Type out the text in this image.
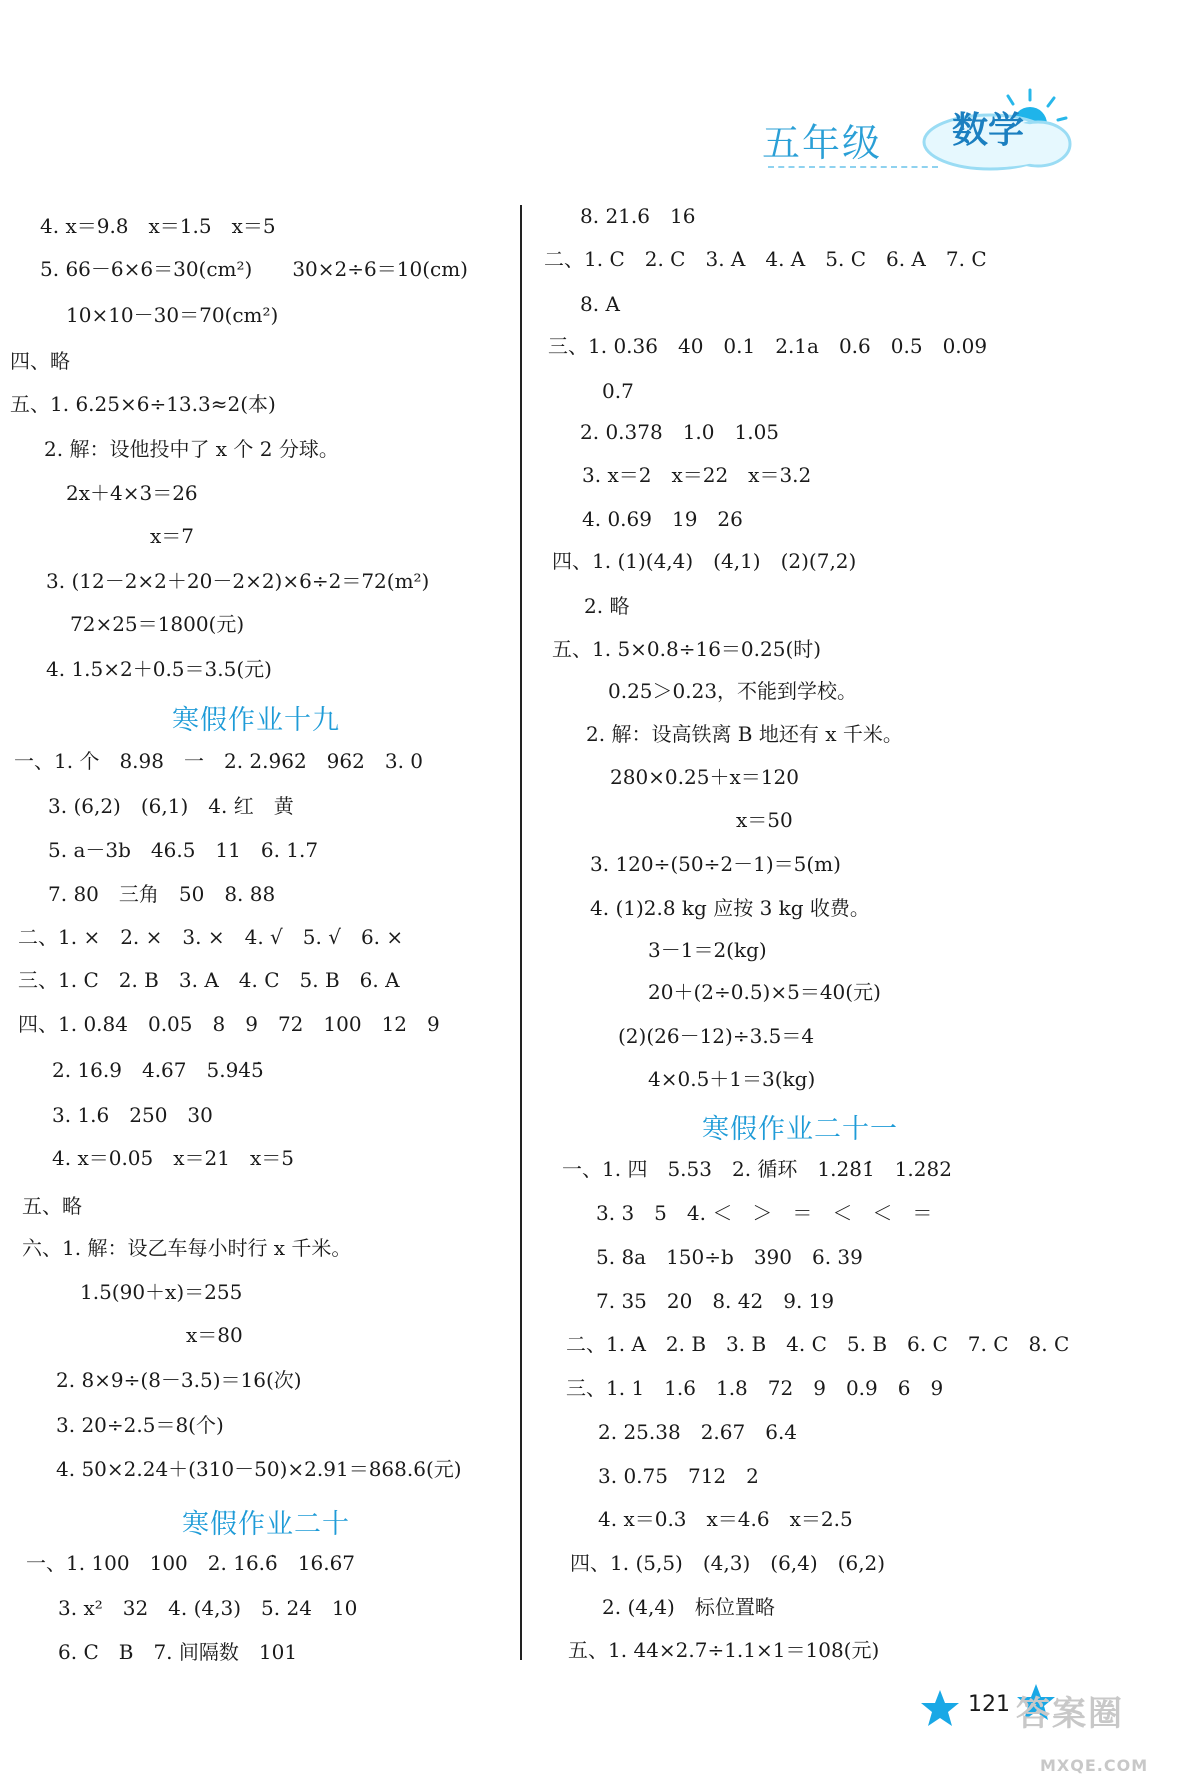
五年级 数学
4. x＝9.8　x＝1.5　x＝5
5. 66－6×6＝30(cm²)　　30×2÷6＝10(cm)
10×10－30＝70(cm²)
四、略
五、1. 6.25×6÷13.3≈2(本)
2. 解：设他投中了 x 个 2 分球。
2x＋4×3＝26
x＝7
3. (12－2×2＋20－2×2)×6÷2＝72(m²)
72×25＝1800(元)
4. 1.5×2＋0.5＝3.5(元)
寒假作业十九
一、1. 个　8.98　一　2. 2.9̇62̇　962　3. 0
3. (6,2)　(6,1)　4. 红　黄
5. a－3b　46.5　11　6. 1.7
7. 80　三角　50　8. 88
二、1. ×　2. ×　3. ×　4. √　5. √　6. ×
三、1. C　2. B　3. A　4. C　5. B　6. A
四、1. 0.84　0.05　8　9　72　100　12　9
2. 16.9　4.67　5.94̇5̇
3. 1.6　250　30
4. x＝0.05　x＝21　x＝5
五、略
六、1. 解：设乙车每小时行 x 千米。
1.5(90＋x)＝255
x＝80
2. 8×9÷(8－3.5)＝16(次)
3. 20÷2.5＝8(个)
4. 50×2.24＋(310－50)×2.91＝868.6(元)
寒假作业二十
一、1. 100　100　2. 16.6̇　16.67
3. x²　32　4. (4,3)　5. 24　10
6. C　B　7. 间隔数　101
8. 21.6　16
二、1. C　2. C　3. A　4. A　5. C　6. A　7. C
8. A
三、1. 0.36　40　0.1　2.1a　0.6　0.5　0.09
0.7
2. 0.378　1.0　1.05
3. x＝2　x＝22　x＝3.2
4. 0.69　19　26
四、1. (1)(4,4)　(4,1)　(2)(7,2)
2. 略
五、1. 5×0.8÷16＝0.25(时)
0.25＞0.23，不能到学校。
2. 解：设高铁离 B 地还有 x 千米。
280×0.25＋x＝120
x＝50
3. 120÷(50÷2－1)＝5(m)
4. (1)2.8 kg 应按 3 kg 收费。
3－1＝2(kg)
20＋(2÷0.5)×5＝40(元)
(2)(26－12)÷3.5＝4
4×0.5＋1＝3(kg)
寒假作业二十一
一、1. 四　5.53　2. 循环　1.28̇1̇　1.282
3. 3　5　4. ＜　＞　＝　＜　＜　＝
5. 8a　150÷b　390　6. 39
7. 35　20　8. 42　9. 19
二、1. A　2. B　3. B　4. C　5. B　6. C　7. C　8. C
三、1. 1　1.6　1.8　72　9　0.9　6　9
2. 25.38　2.67　6.4
3. 0.75　712　2
4. x＝0.3　x＝4.6　x＝2.5
四、1. (5,5)　(4,3)　(6,4)　(6,2)
2. (4,4)　标位置略
五、1. 44×2.7÷1.1×1＝108(元)
121 答案圈
MXQE.COM
